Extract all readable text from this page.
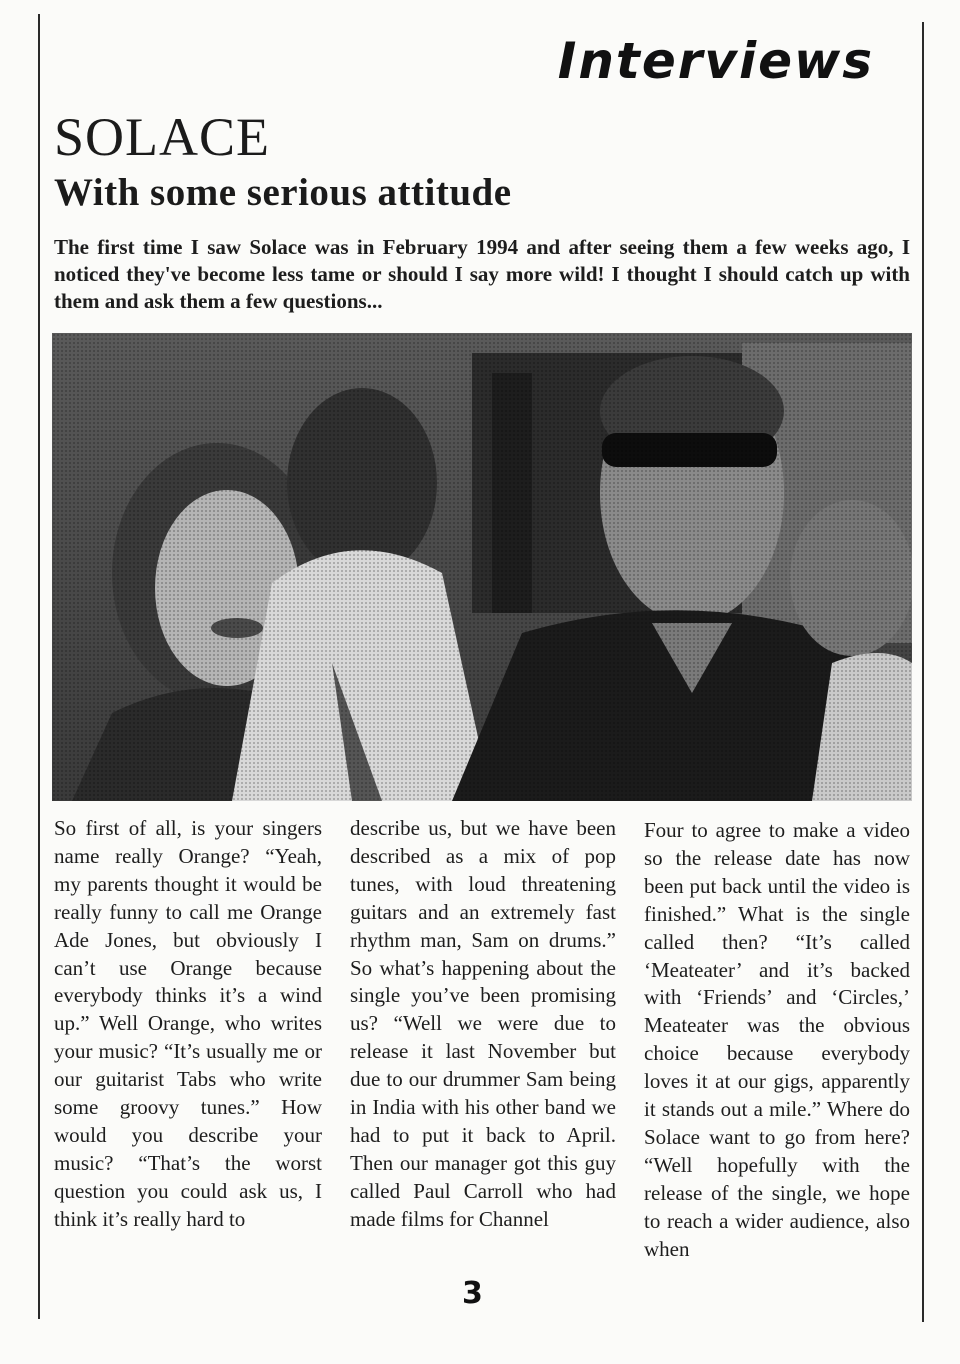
Interviews
SOLACE
With some serious attitude
The first time I saw Solace was in February 1994 and after seeing them a few weeks ago, I noticed they've become less tame or should I say more wild! I thought I should catch up with them and ask them a few questions...
So first of all, is your singers name really Orange? “Yeah, my parents thought it would be really funny to call me Orange Ade Jones, but obviously I can’t use Orange because everybody thinks it’s a wind up.” Well Orange, who writes your music? “It’s usually me or our guitarist Tabs who write some groovy tunes.” How would you describe your music? “That’s the worst question you could ask us, I think it’s really hard to
describe us, but we have been described as a mix of pop tunes, with loud threatening guitars and an extremely fast rhythm man, Sam on drums.” So what’s happening about the single you’ve been promising us? “Well we were due to release it last November but due to our drummer Sam being in India with his other band we had to put it back to April. Then our manager got this guy called Paul Carroll who had made films for Channel
Four to agree to make a video so the release date has now been put back until the video is finished.” What is the single called then? “It’s called ‘Meateater’ and it’s backed with ‘Friends’ and ‘Circles,’ Meateater was the obvious choice because everybody loves it at our gigs, apparently it stands out a mile.” Where do Solace want to go from here? “Well hopefully with the release of the single, we hope to reach a wider audience, also when
3
